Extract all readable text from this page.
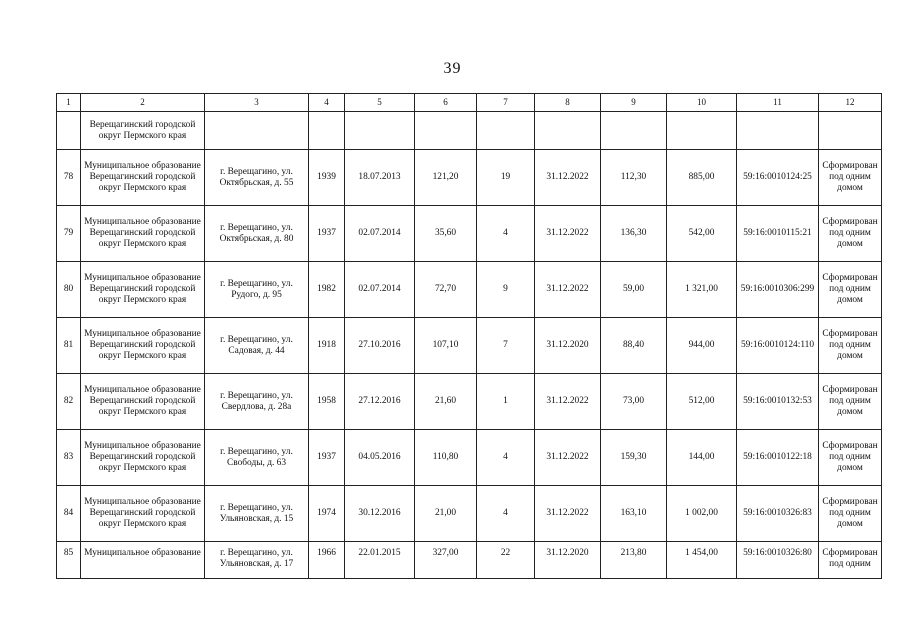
39
1	2	3	4	5	6	7	8	9	10	11	12
	Верещагинский городской округ Пермского края										
78	Муниципальное образование Верещагинский городской округ Пермского края	г. Верещагино, ул. Октябрьская, д. 55	1939	18.07.2013	121,20	19	31.12.2022	112,30	885,00	59:16:0010124:25	Сформирован под одним домом
79	Муниципальное образование Верещагинский городской округ Пермского края	г. Верещагино, ул. Октябрьская, д. 80	1937	02.07.2014	35,60	4	31.12.2022	136,30	542,00	59:16:0010115:21	Сформирован под одним домом
80	Муниципальное образование Верещагинский городской округ Пермского края	г. Верещагино, ул. Рудого, д. 95	1982	02.07.2014	72,70	9	31.12.2022	59,00	1 321,00	59:16:0010306:299	Сформирован под одним домом
81	Муниципальное образование Верещагинский городской округ Пермского края	г. Верещагино, ул. Садовая, д. 44	1918	27.10.2016	107,10	7	31.12.2020	88,40	944,00	59:16:0010124:110	Сформирован под одним домом
82	Муниципальное образование Верещагинский городской округ Пермского края	г. Верещагино, ул. Свердлова, д. 28а	1958	27.12.2016	21,60	1	31.12.2022	73,00	512,00	59:16:0010132:53	Сформирован под одним домом
83	Муниципальное образование Верещагинский городской округ Пермского края	г. Верещагино, ул. Свободы, д. 63	1937	04.05.2016	110,80	4	31.12.2022	159,30	144,00	59:16:0010122:18	Сформирован под одним домом
84	Муниципальное образование Верещагинский городской округ Пермского края	г. Верещагино, ул. Ульяновская, д. 15	1974	30.12.2016	21,00	4	31.12.2022	163,10	1 002,00	59:16:0010326:83	Сформирован под одним домом
85	Муниципальное образование	г. Верещагино, ул. Ульяновская, д. 17	1966	22.01.2015	327,00	22	31.12.2020	213,80	1 454,00	59:16:0010326:80	Сформирован под одним
